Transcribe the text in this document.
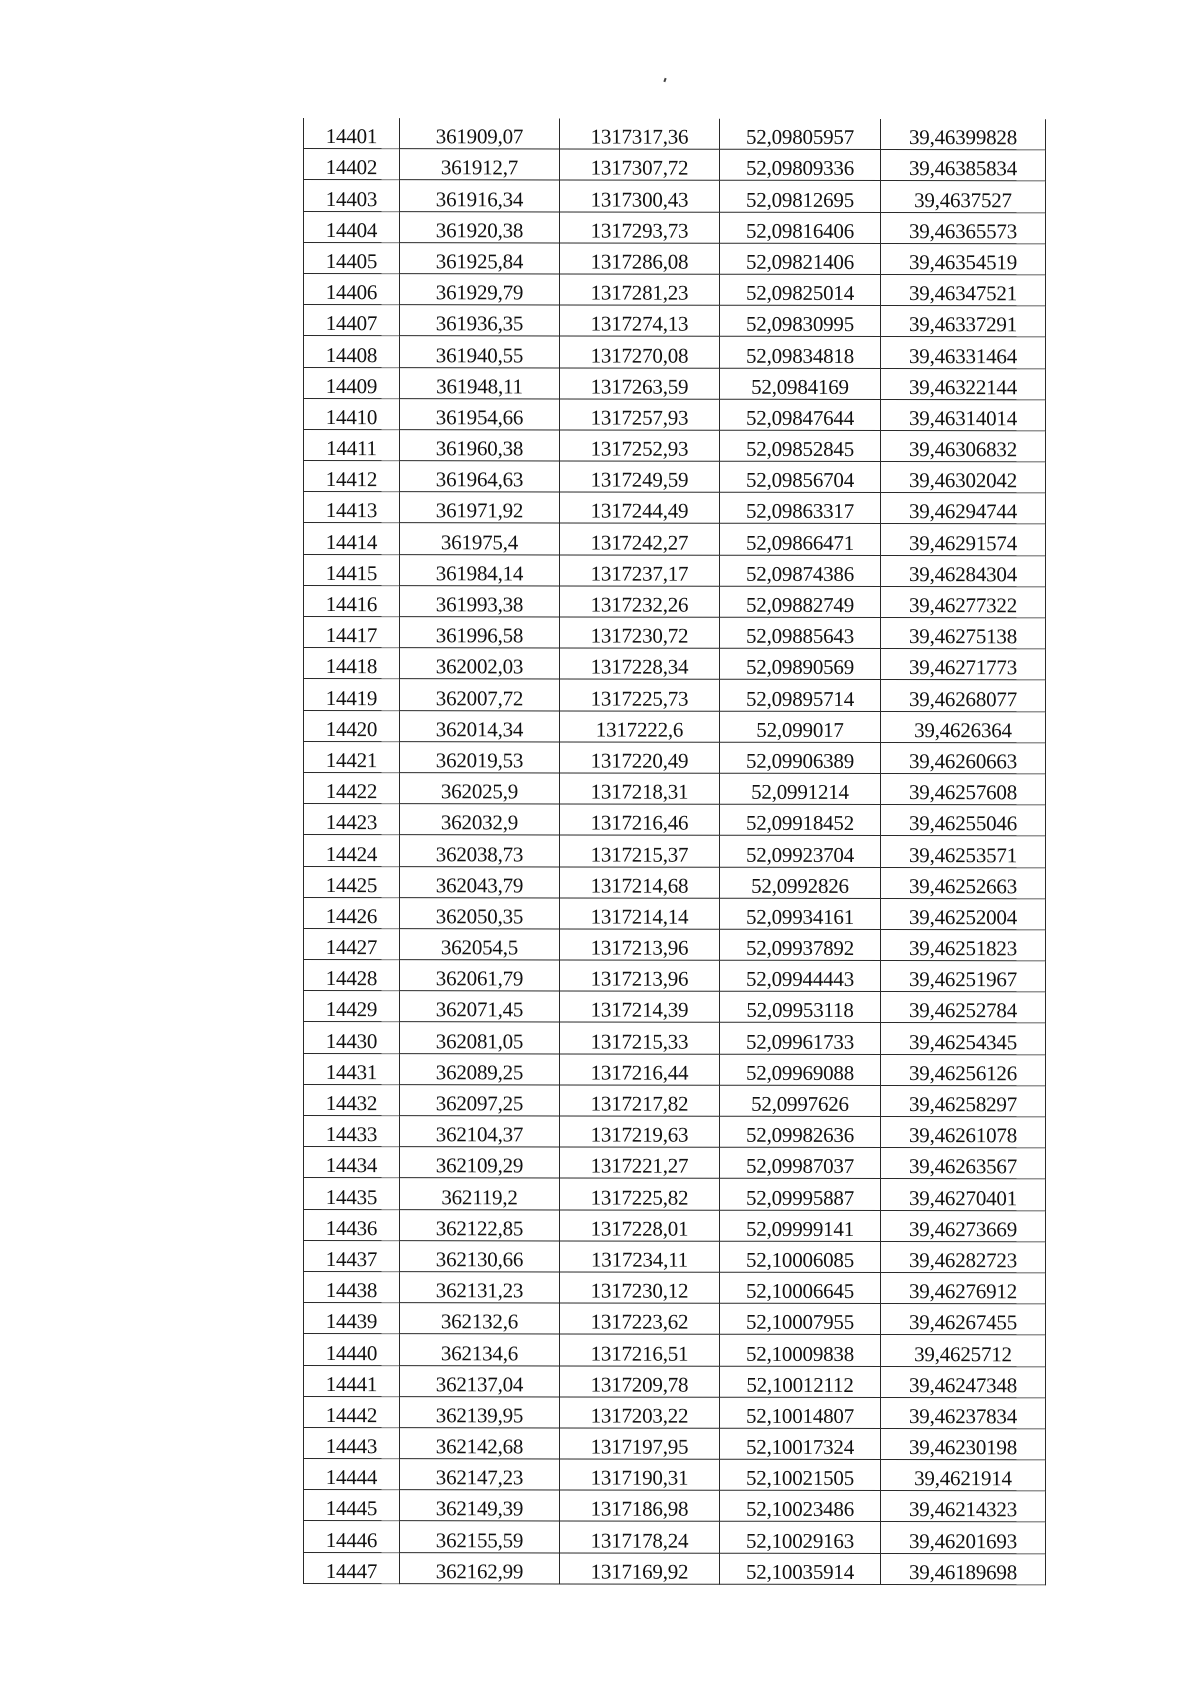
14401	361909,07	1317317,36	52,09805957	39,46399828
14402	361912,7	1317307,72	52,09809336	39,46385834
14403	361916,34	1317300,43	52,09812695	39,4637527
14404	361920,38	1317293,73	52,09816406	39,46365573
14405	361925,84	1317286,08	52,09821406	39,46354519
14406	361929,79	1317281,23	52,09825014	39,46347521
14407	361936,35	1317274,13	52,09830995	39,46337291
14408	361940,55	1317270,08	52,09834818	39,46331464
14409	361948,11	1317263,59	52,0984169	39,46322144
14410	361954,66	1317257,93	52,09847644	39,46314014
14411	361960,38	1317252,93	52,09852845	39,46306832
14412	361964,63	1317249,59	52,09856704	39,46302042
14413	361971,92	1317244,49	52,09863317	39,46294744
14414	361975,4	1317242,27	52,09866471	39,46291574
14415	361984,14	1317237,17	52,09874386	39,46284304
14416	361993,38	1317232,26	52,09882749	39,46277322
14417	361996,58	1317230,72	52,09885643	39,46275138
14418	362002,03	1317228,34	52,09890569	39,46271773
14419	362007,72	1317225,73	52,09895714	39,46268077
14420	362014,34	1317222,6	52,099017	39,4626364
14421	362019,53	1317220,49	52,09906389	39,46260663
14422	362025,9	1317218,31	52,0991214	39,46257608
14423	362032,9	1317216,46	52,09918452	39,46255046
14424	362038,73	1317215,37	52,09923704	39,46253571
14425	362043,79	1317214,68	52,0992826	39,46252663
14426	362050,35	1317214,14	52,09934161	39,46252004
14427	362054,5	1317213,96	52,09937892	39,46251823
14428	362061,79	1317213,96	52,09944443	39,46251967
14429	362071,45	1317214,39	52,09953118	39,46252784
14430	362081,05	1317215,33	52,09961733	39,46254345
14431	362089,25	1317216,44	52,09969088	39,46256126
14432	362097,25	1317217,82	52,0997626	39,46258297
14433	362104,37	1317219,63	52,09982636	39,46261078
14434	362109,29	1317221,27	52,09987037	39,46263567
14435	362119,2	1317225,82	52,09995887	39,46270401
14436	362122,85	1317228,01	52,09999141	39,46273669
14437	362130,66	1317234,11	52,10006085	39,46282723
14438	362131,23	1317230,12	52,10006645	39,46276912
14439	362132,6	1317223,62	52,10007955	39,46267455
14440	362134,6	1317216,51	52,10009838	39,4625712
14441	362137,04	1317209,78	52,10012112	39,46247348
14442	362139,95	1317203,22	52,10014807	39,46237834
14443	362142,68	1317197,95	52,10017324	39,46230198
14444	362147,23	1317190,31	52,10021505	39,4621914
14445	362149,39	1317186,98	52,10023486	39,46214323
14446	362155,59	1317178,24	52,10029163	39,46201693
14447	362162,99	1317169,92	52,10035914	39,46189698
